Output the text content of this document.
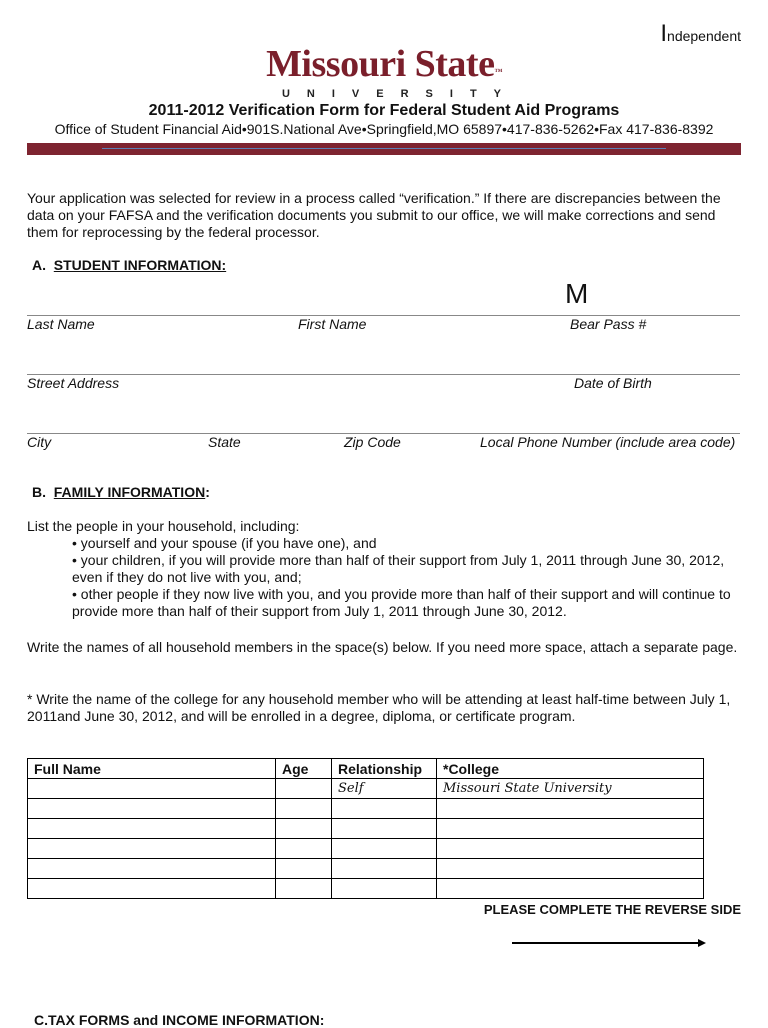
Independent
Missouri State™
UNIVERSITY
2011-2012 Verification Form for Federal Student Aid Programs
Office of Student Financial Aid•901S.National Ave•Springfield,MO 65897•417-836-5262•Fax 417-836-8392
Your application was selected for review in a process called “verification.” If there are discrepancies between the data on your FAFSA and the verification documents you submit to our office, we will make corrections and send them for reprocessing by the federal processor.
A. STUDENT INFORMATION:
M
Last Name	First Name	Bear Pass #
Street Address	Date of Birth
City	State	Zip Code	Local Phone Number (include area code)
B. FAMILY INFORMATION:
List the people in your household, including:
• yourself and your spouse (if you have one), and
• your children, if you will provide more than half of their support from July 1, 2011 through June 30, 2012, even if they do not live with you, and;
• other people if they now live with you, and you provide more than half of their support and will continue to provide more than half of their support from July 1, 2011 through June 30, 2012.
Write the names of all household members in the space(s) below. If you need more space, attach a separate page.
* Write the name of the college for any household member who will be attending at least half-time between July 1, 2011and June 30, 2012, and will be enrolled in a degree, diploma, or certificate program.
Full Name	Age	Relationship	*College
		Self	Missouri State University

PLEASE COMPLETE THE REVERSE SIDE
C.TAX FORMS and INCOME INFORMATION:
